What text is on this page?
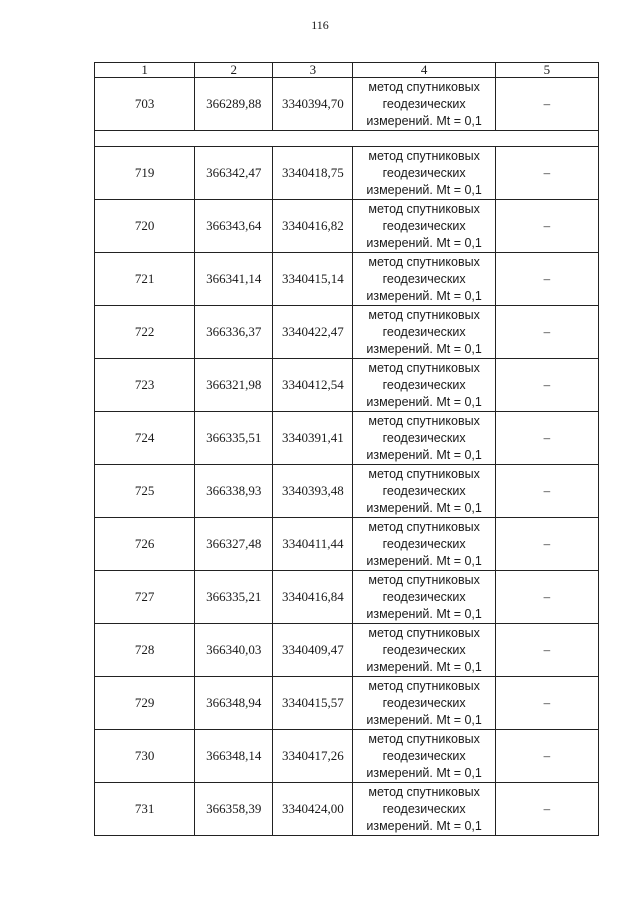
116
1	2	3	4	5
703	366289,88	3340394,70	метод спутниковых
геодезических
измерений. Mt = 0,1	–

719	366342,47	3340418,75	метод спутниковых
геодезических
измерений. Mt = 0,1	–
720	366343,64	3340416,82	метод спутниковых
геодезических
измерений. Mt = 0,1	–
721	366341,14	3340415,14	метод спутниковых
геодезических
измерений. Mt = 0,1	–
722	366336,37	3340422,47	метод спутниковых
геодезических
измерений. Mt = 0,1	–
723	366321,98	3340412,54	метод спутниковых
геодезических
измерений. Mt = 0,1	–
724	366335,51	3340391,41	метод спутниковых
геодезических
измерений. Mt = 0,1	–
725	366338,93	3340393,48	метод спутниковых
геодезических
измерений. Mt = 0,1	–
726	366327,48	3340411,44	метод спутниковых
геодезических
измерений. Mt = 0,1	–
727	366335,21	3340416,84	метод спутниковых
геодезических
измерений. Mt = 0,1	–
728	366340,03	3340409,47	метод спутниковых
геодезических
измерений. Mt = 0,1	–
729	366348,94	3340415,57	метод спутниковых
геодезических
измерений. Mt = 0,1	–
730	366348,14	3340417,26	метод спутниковых
геодезических
измерений. Mt = 0,1	–
731	366358,39	3340424,00	метод спутниковых
геодезических
измерений. Mt = 0,1	–
